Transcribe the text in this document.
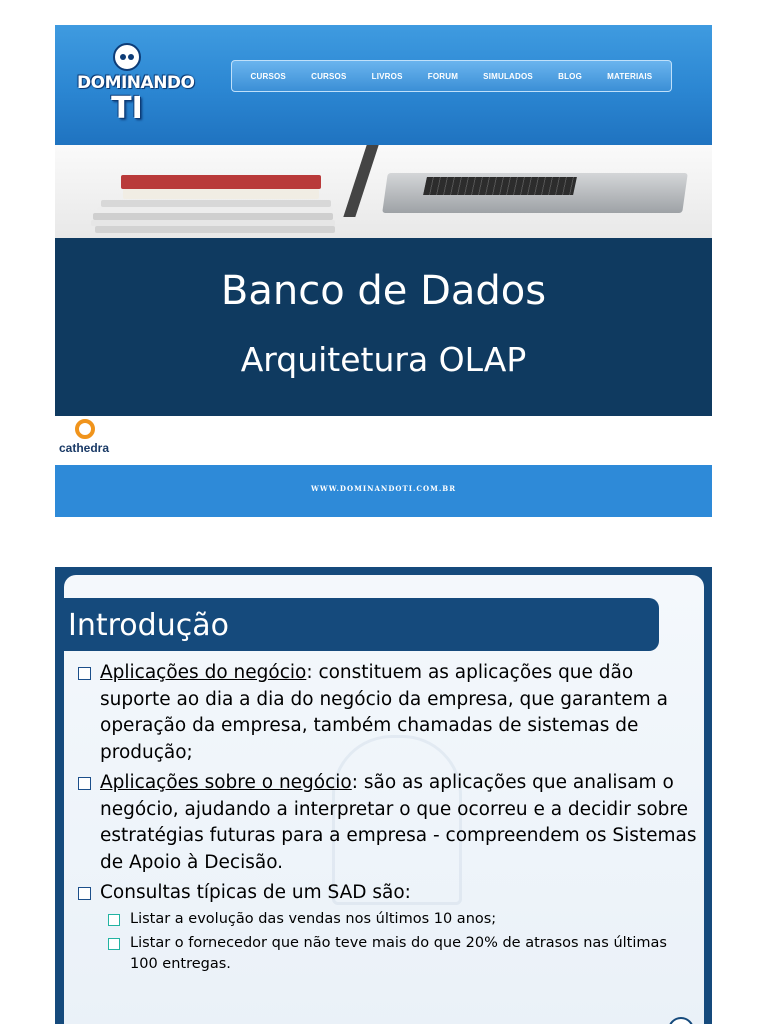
DOMINANDO
TI
CURSOS	CURSOS	LIVROS	FORUM	SIMULADOS	BLOG	MATERIAIS
Banco de Dados
Arquitetura OLAP
cathedra
WWW.DOMINANDOTI.COM.BR
Introdução
Aplicações do negócio: constituem as aplicações que dão suporte ao dia a dia do negócio da empresa, que garantem a operação da empresa, também chamadas de sistemas de produção;
Aplicações sobre o negócio: são as aplicações que analisam o negócio, ajudando a interpretar o que ocorreu e a decidir sobre estratégias futuras para a empresa - compreendem os Sistemas de Apoio à Decisão.
Consultas típicas de um SAD são:
Listar a evolução das vendas nos últimos 10 anos;
Listar o fornecedor que não teve mais do que 20% de atrasos nas últimas 100 entregas.
